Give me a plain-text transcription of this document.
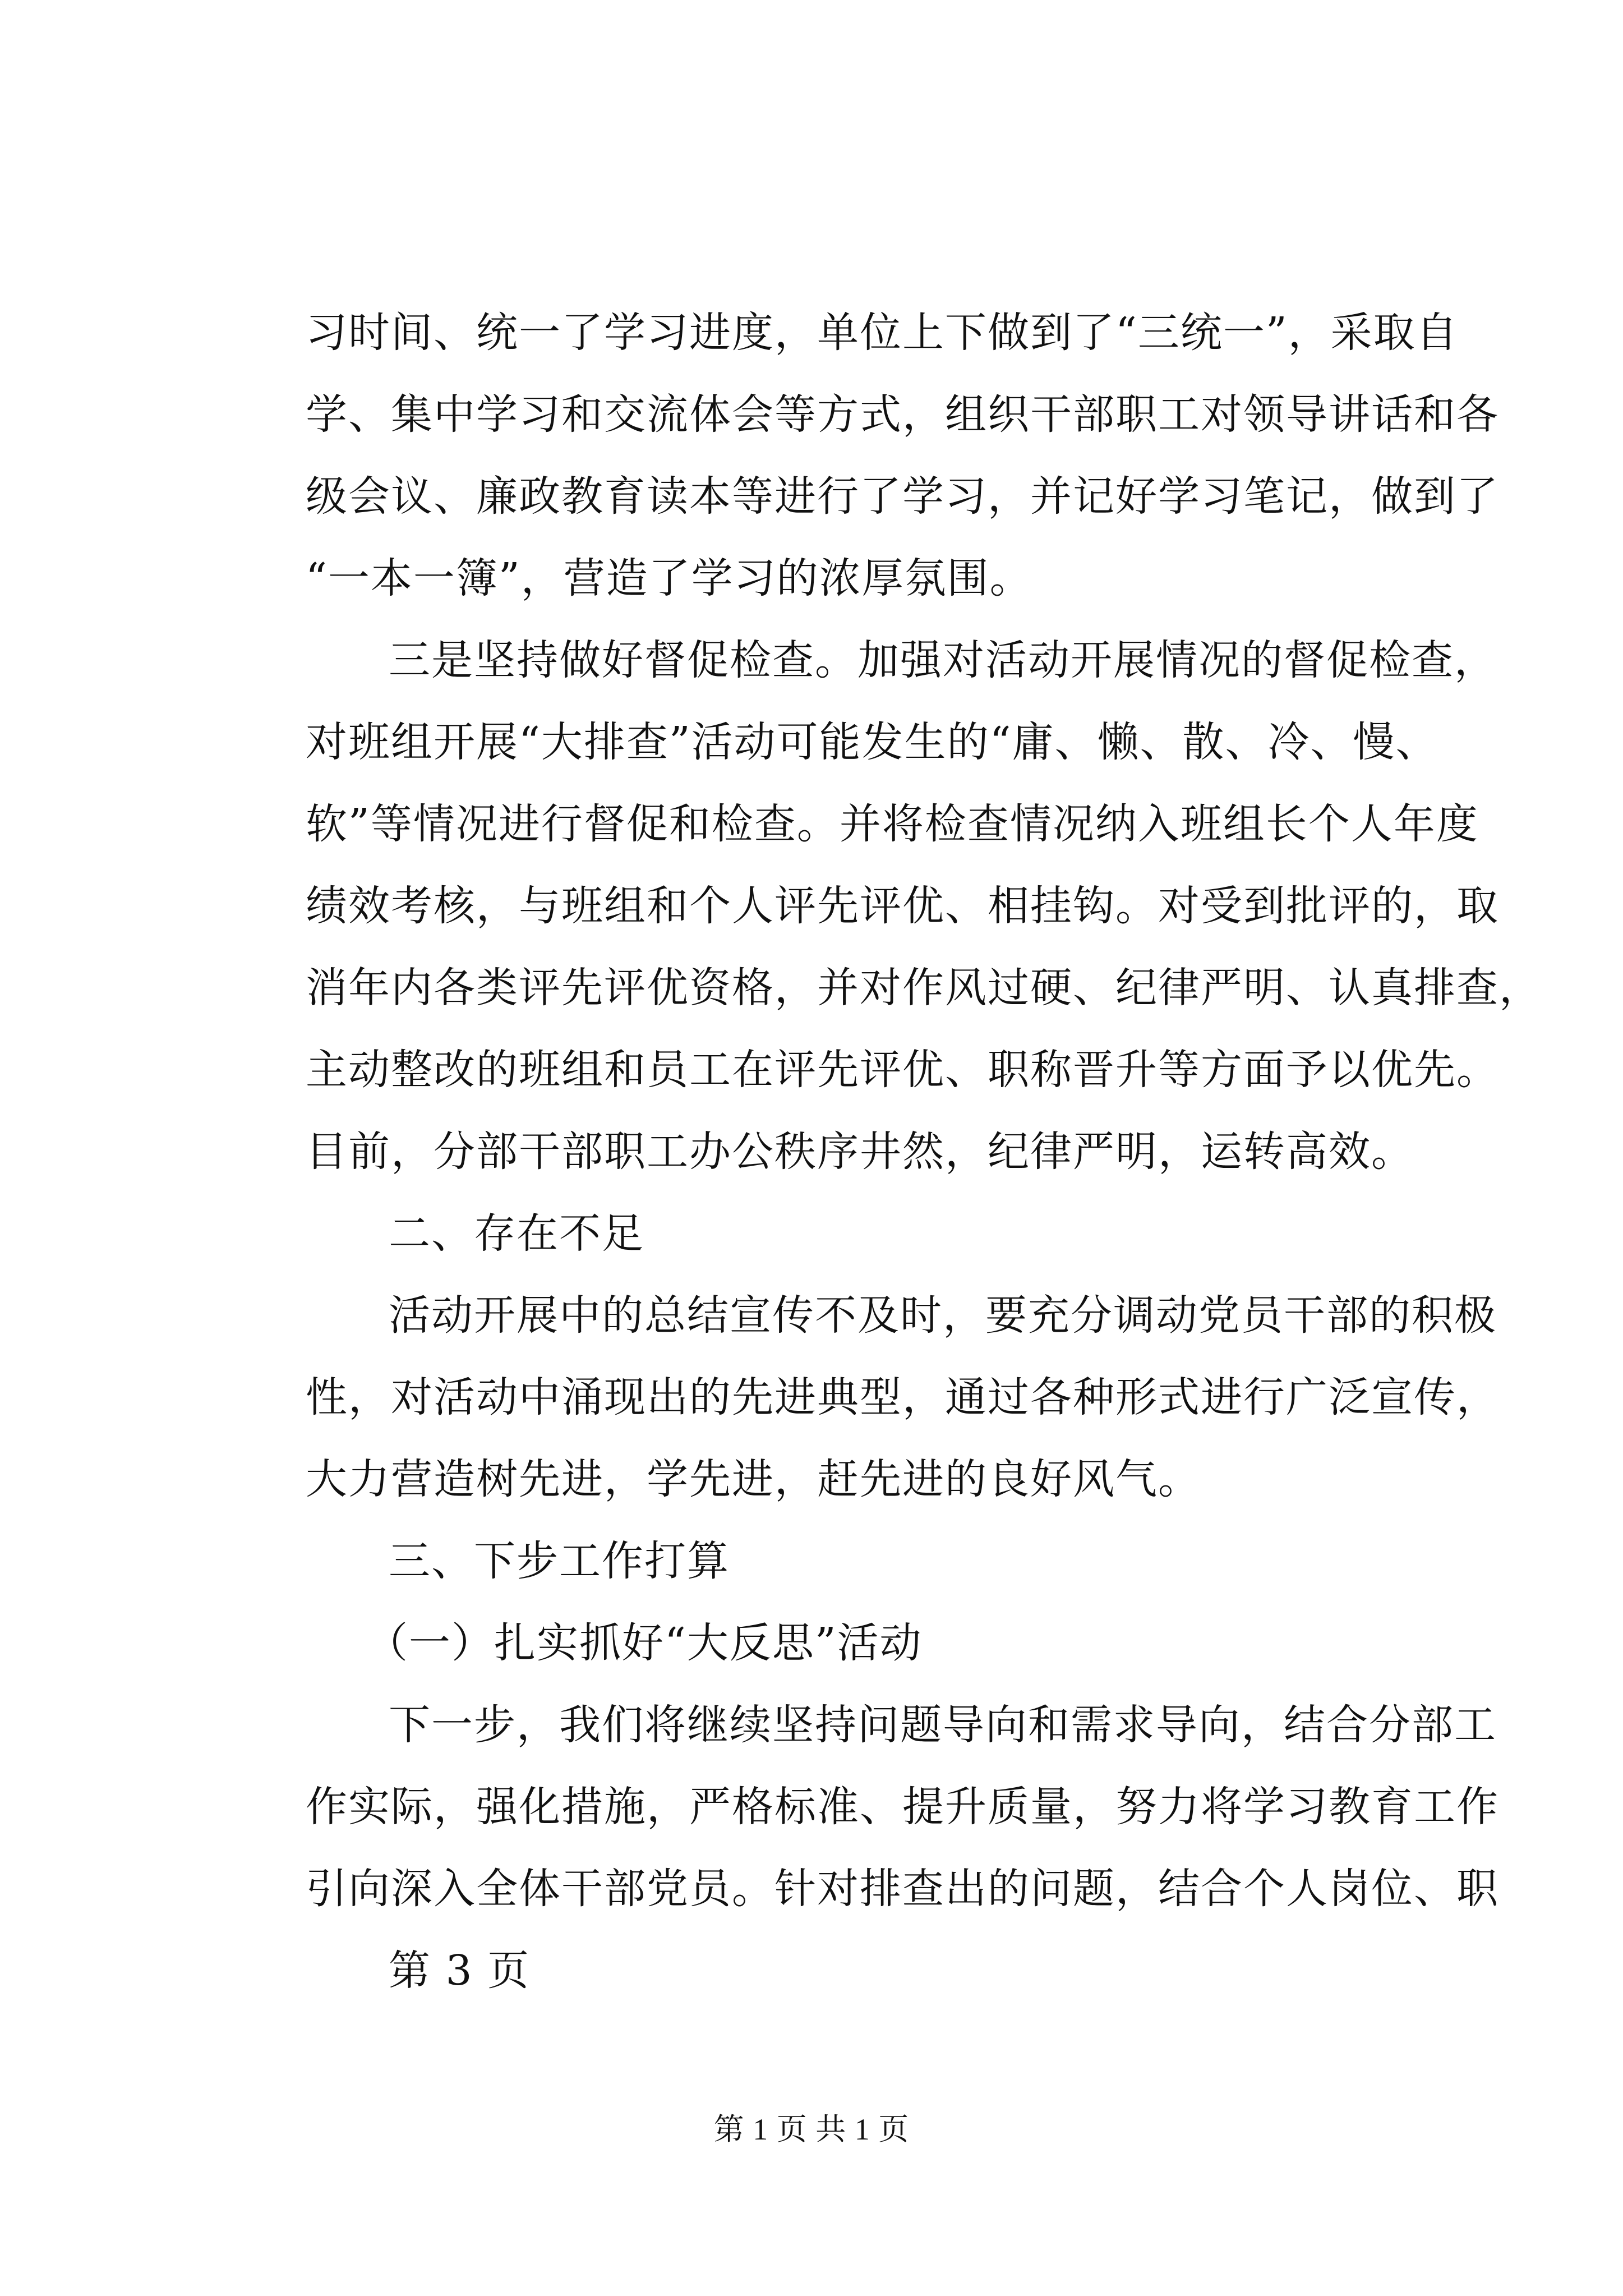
习时间、统一了学习进度，单位上下做到了“三统一”，采取自
学、集中学习和交流体会等方式，组织干部职工对领导讲话和各
级会议、廉政教育读本等进行了学习，并记好学习笔记，做到了
“一本一簿”，营造了学习的浓厚氛围。
三是坚持做好督促检查。加强对活动开展情况的督促检查，
对班组开展“大排查”活动可能发生的“庸、懒、散、冷、慢、
软”等情况进行督促和检查。并将检查情况纳入班组长个人年度
绩效考核，与班组和个人评先评优、相挂钩。对受到批评的，取
消年内各类评先评优资格，并对作风过硬、纪律严明、认真排查，
主动整改的班组和员工在评先评优、职称晋升等方面予以优先。
目前，分部干部职工办公秩序井然，纪律严明，运转高效。
二、存在不足
活动开展中的总结宣传不及时，要充分调动党员干部的积极
性，对活动中涌现出的先进典型，通过各种形式进行广泛宣传，
大力营造树先进，学先进，赶先进的良好风气。
三、下步工作打算
（一）扎实抓好“大反思”活动
下一步，我们将继续坚持问题导向和需求导向，结合分部工
作实际，强化措施，严格标准、提升质量，努力将学习教育工作
引向深入全体干部党员。针对排查出的问题，结合个人岗位、职
第 3 页
第 1 页 共 1 页
